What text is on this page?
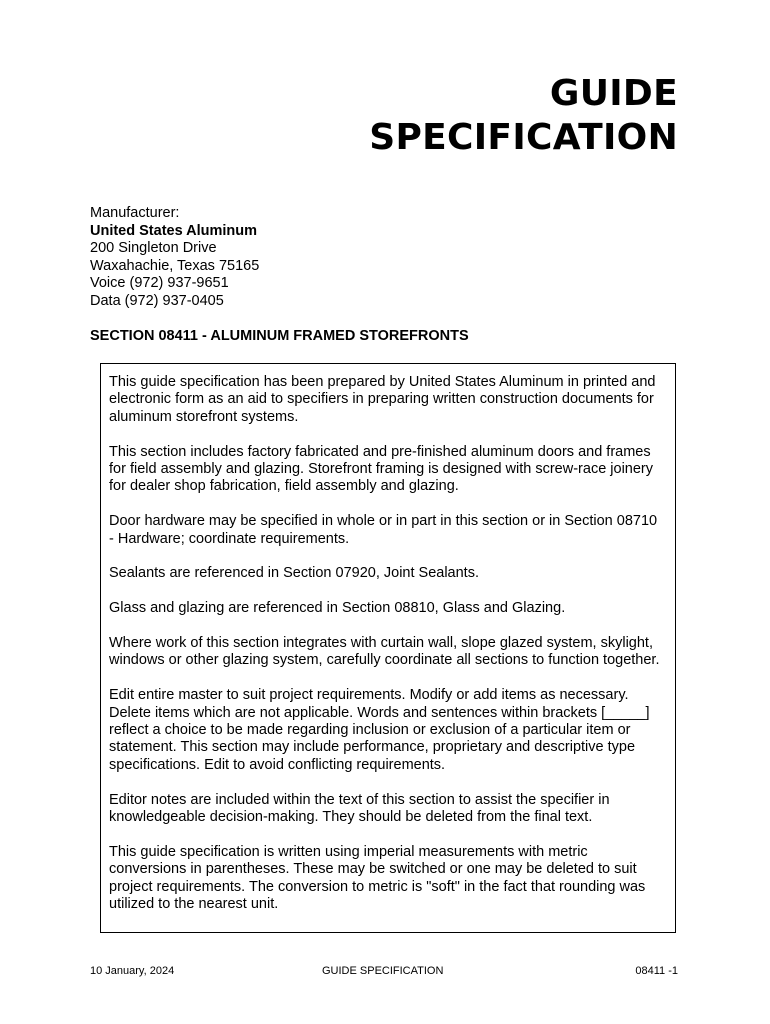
GUIDE
SPECIFICATION
Manufacturer:
United States Aluminum
200 Singleton Drive
Waxahachie, Texas 75165
Voice (972) 937-9651
Data (972) 937-0405
SECTION 08411 - ALUMINUM FRAMED STOREFRONTS

This guide specification has been prepared by United States Aluminum in printed and electronic form as an aid to specifiers in preparing written construction documents for aluminum storefront systems.

This section includes factory fabricated and pre-finished aluminum doors and frames for field assembly and glazing. Storefront framing is designed with screw-race joinery for dealer shop fabrication, field assembly and glazing.

Door hardware may be specified in whole or in part in this section or in Section 08710 - Hardware; coordinate requirements.

Sealants are referenced in Section 07920, Joint Sealants.

Glass and glazing are referenced in Section 08810, Glass and Glazing.

Where work of this section integrates with curtain wall, slope glazed system, skylight, windows or other glazing system, carefully coordinate all sections to function together.

Edit entire master to suit project requirements. Modify or add items as necessary. Delete items which are not applicable. Words and sentences within brackets [_____] reflect a choice to be made regarding inclusion or exclusion of a particular item or statement. This section may include performance, proprietary and descriptive type specifications. Edit to avoid conflicting requirements.

Editor notes are included within the text of this section to assist the specifier in knowledgeable decision-making. They should be deleted from the final text.

This guide specification is written using imperial measurements with metric conversions in parentheses. These may be switched or one may be deleted to suit project requirements. The conversion to metric is "soft" in the fact that rounding was utilized to the nearest unit.

10 January, 2024	GUIDE SPECIFICATION	08411 -1
